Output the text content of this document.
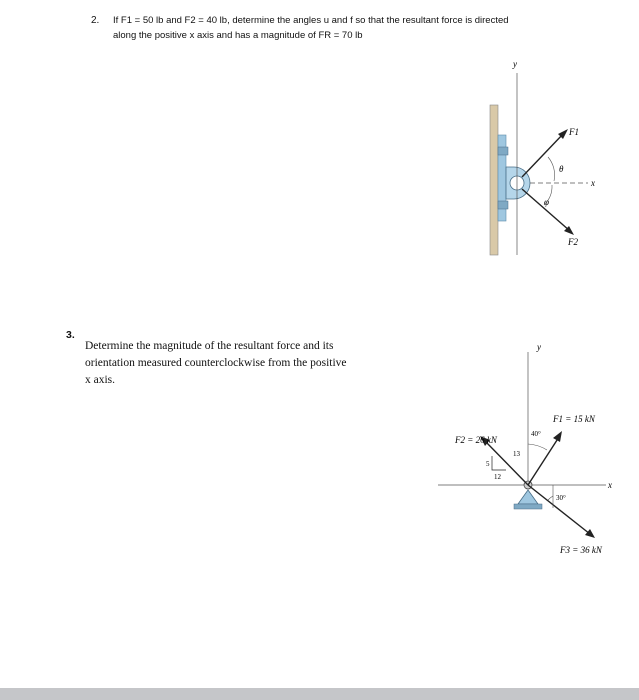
2. If F1 = 50 lb and F2 = 40 lb, determine the angles u and f so that the resultant force is directed
along the positive x axis and has a magnitude of FR = 70 lb
y
x
F1
F2
θ
φ
3.
Determine the magnitude of the resultant force and its
orientation measured counterclockwise from the positive
x axis.
y
x
F1 = 15 kN
40°
F2 = 26 kN
13
5
12
F3 = 36 kN
30°
